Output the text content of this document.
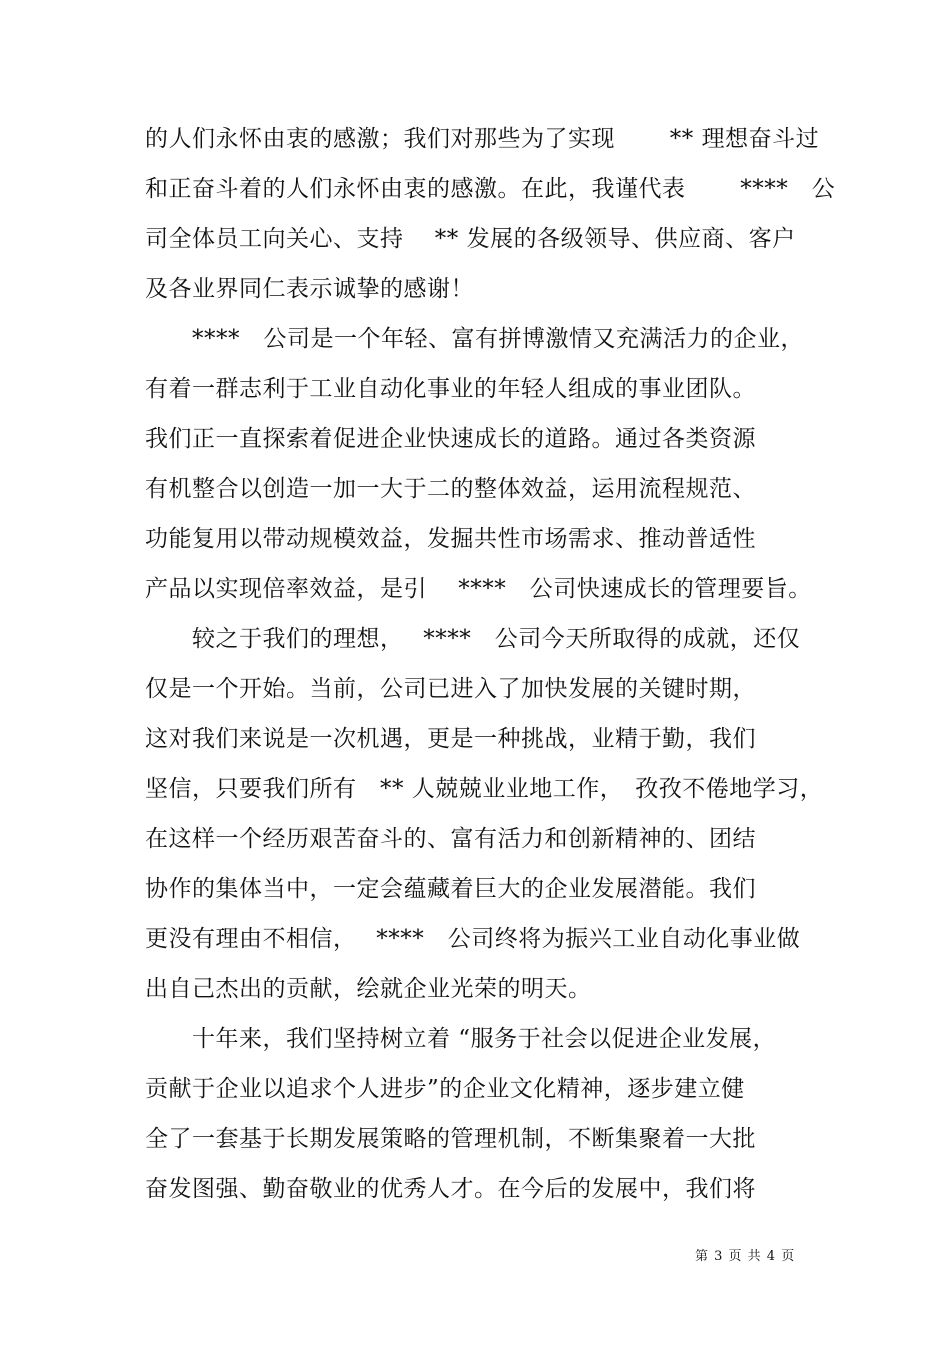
的人们永怀由衷的感激；我们对那些为了实现　　 ** 理想奋斗过
和正奋斗着的人们永怀由衷的感激。在此，我谨代表　　 ****　公
司全体员工向关心、支持　 ** 发展的各级领导、供应商、客户
及各业界同仁表示诚挚的感谢！
　　****　公司是一个年轻、富有拼博激情又充满活力的企业，
有着一群志利于工业自动化事业的年轻人组成的事业团队。
我们正一直探索着促进企业快速成长的道路。通过各类资源
有机整合以创造一加一大于二的整体效益，运用流程规范、
功能复用以带动规模效益，发掘共性市场需求、推动普适性
产品以实现倍率效益，是引　 ****　公司快速成长的管理要旨。
　　较之于我们的理想，　 ****　公司今天所取得的成就，还仅
仅是一个开始。当前，公司已进入了加快发展的关键时期，
这对我们来说是一次机遇，更是一种挑战，业精于勤，我们
坚信，只要我们所有　** 人兢兢业业地工作，　孜孜不倦地学习，
在这样一个经历艰苦奋斗的、富有活力和创新精神的、团结
协作的集体当中，一定会蕴藏着巨大的企业发展潜能。我们
更没有理由不相信，　 ****　公司终将为振兴工业自动化事业做
出自己杰出的贡献，绘就企业光荣的明天。
　　十年来，我们坚持树立着 “服务于社会以促进企业发展，
贡献于企业以追求个人进步”的企业文化精神，逐步建立健
全了一套基于长期发展策略的管理机制，不断集聚着一大批
奋发图强、勤奋敬业的优秀人才。在今后的发展中，我们将
第 3 页 共 4 页
